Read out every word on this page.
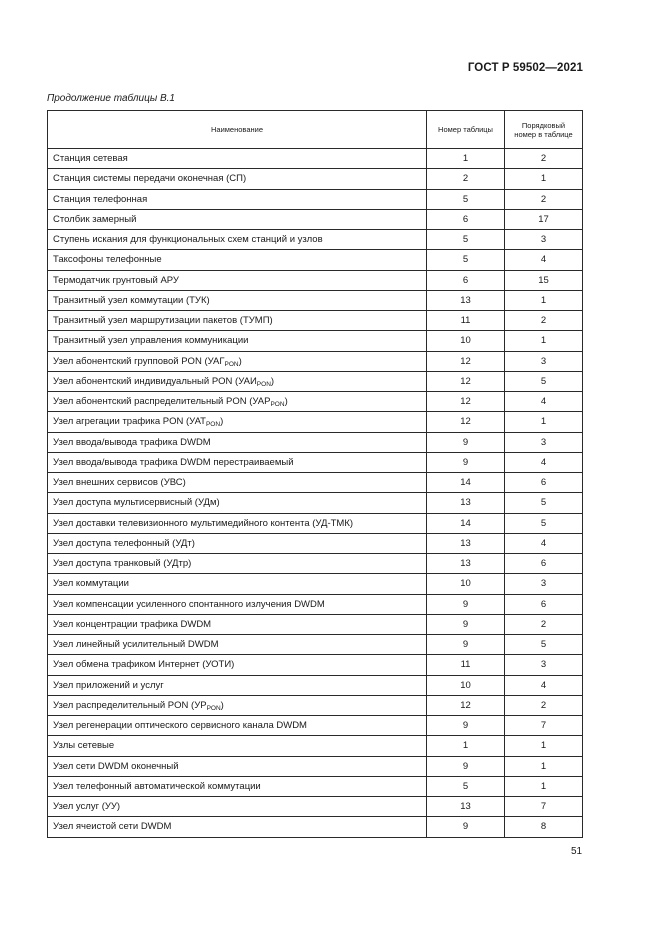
ГОСТ Р 59502—2021
Продолжение таблицы В.1
Наименование	Номер таблицы	Порядковый номер в таблице
Станция сетевая	1	2
Станция системы передачи оконечная (СП)	2	1
Станция телефонная	5	2
Столбик замерный	6	17
Ступень искания для функциональных схем станций и узлов	5	3
Таксофоны телефонные	5	4
Термодатчик грунтовый АРУ	6	15
Транзитный узел коммутации (ТУК)	13	1
Транзитный узел маршрутизации пакетов (ТУМП)	11	2
Транзитный узел управления коммуникации	10	1
Узел абонентский групповой PON $(УАГ_{PON})$	12	3
Узел абонентский индивидуальный PON $(УАИ_{PON})$	12	5
Узел абонентский распределительный PON $(УАР_{PON})$	12	4
Узел агрегации трафика PON $(УАТ_{PON})$	12	1
Узел ввода/вывода трафика DWDM	9	3
Узел ввода/вывода трафика DWDM перестраиваемый	9	4
Узел внешних сервисов (УВС)	14	6
Узел доступа мультисервисный (УДм)	13	5
Узел доставки телевизионного мультимедийного контента (УД-ТМК)	14	5
Узел доступа телефонный (УДт)	13	4
Узел доступа транковый (УДтр)	13	6
Узел коммутации	10	3
Узел компенсации усиленного спонтанного излучения DWDM	9	6
Узел концентрации трафика DWDM	9	2
Узел линейный усилительный DWDM	9	5
Узел обмена трафиком Интернет (УОТИ)	11	3
Узел приложений и услуг	10	4
Узел распределительный PON $(УР_{PON})$	12	2
Узел регенерации оптического сервисного канала DWDM	9	7
Узлы сетевые	1	1
Узел сети DWDM оконечный	9	1
Узел телефонный автоматической коммутации	5	1
Узел услуг (УУ)	13	7
Узел ячеистой сети DWDM	9	8
51
